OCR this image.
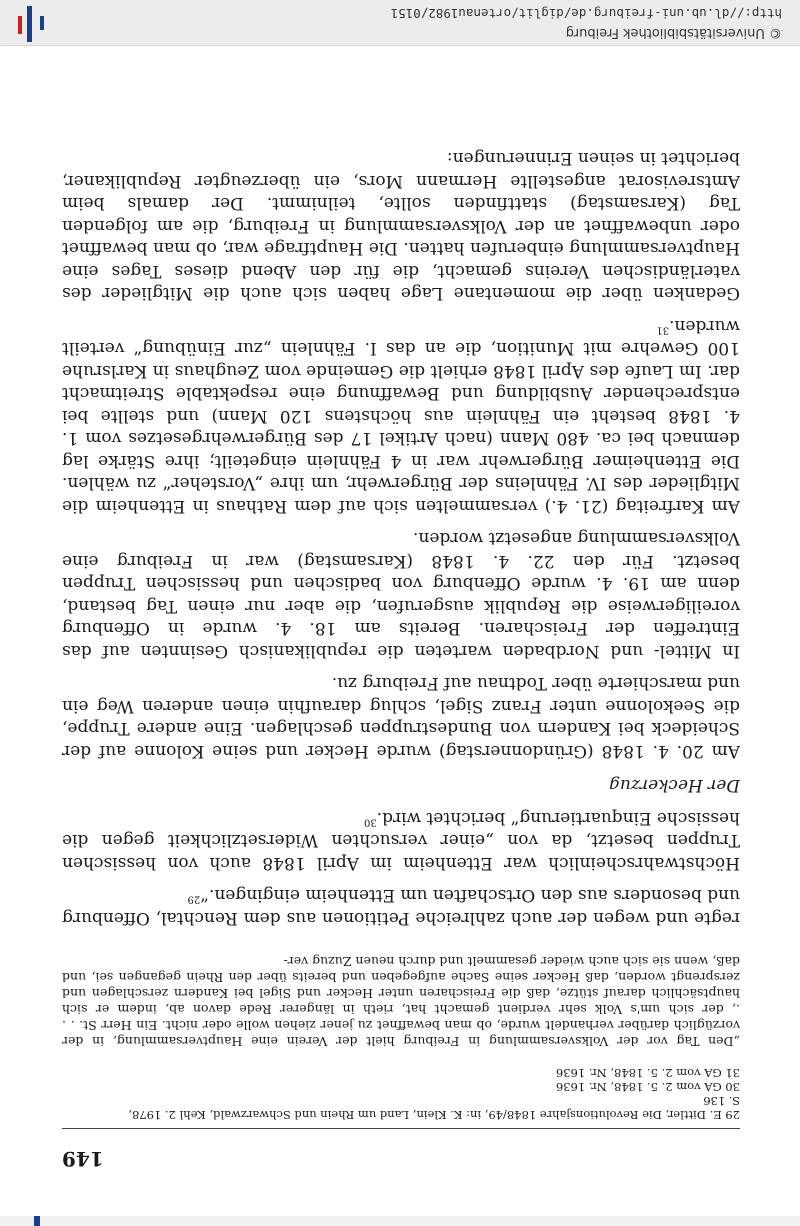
149

29 E. Dittler, Die Revolutionsjahre 1848/49, in: K. Klein, Land um Rhein und Schwarzwald, Kehl 2. 1978,

S. 136

30 GA vom 2. 5. 1848, Nr. 1636

31 GA vom 2. 5. 1848, Nr. 1636

„Den Tag vor der Volksversammlung in Freiburg hielt der Verein eine Hauptversammlung, in der vorzüglich darüber verhandelt wurde, ob man bewaffnet zu jener ziehen wolle oder nicht. Ein Herr St. . . ., der sich um's Volk sehr verdient gemacht hat, rieth in längerer Rede davon ab, indem er sich hauptsächlich darauf stütze, daß die Freischaren unter Hecker und Sigel bei Kandern zerschlagen und zersprengt worden, daß Hecker seine Sache aufgegeben und bereits über den Rhein gegangen sei, und daß, wenn sie sich auch wieder gesammelt und durch neuen Zuzug ver-

regte und wegen der auch zahlreiche Petitionen aus dem Renchtal, Offenburg und besonders aus den Ortschaften um Ettenheim einging​en.“$^{29}$

Höchstwahrscheinlich war Ettenheim im April 1848 auch von hessischen Truppen besetzt, da von „einer versuchten Widersetzlichkeit gegen die hessische Einquartierung“ berichtet wird.$^{30}$

Der Heckerzug

Am 20. 4. 1848 (Gründonnerstag) wurde Hecker und seine Kolonne auf der Scheideck bei Kandern von Bundestruppen geschlagen. Eine andere Truppe, die Seekolonne unter Franz Sigel, schlug daraufhin einen anderen Weg ein und marschierte über Todtnau auf Freiburg zu.

In Mittel- und Nordbaden warteten die republikanisch Gesinnten auf das Eintreffen der Freischaren. Bereits am 18. 4. wurde in Offenburg voreiligerweise die Republik ausgerufen, die aber nur einen Tag bestand, denn am 19. 4. wurde Offenburg von badischen und hessischen Truppen besetzt. Für den 22. 4. 1848 (Karsamstag) war in Freiburg eine Volksversammlung angesetzt worden.

Am Karfreitag (21. 4.) versammelten sich auf dem Rathaus in Ettenheim die Mitglieder des IV. Fähnleins der Bürgerwehr, um ihre „Vorsteher“ zu wählen. Die Ettenheimer Bürgerwehr war in 4 Fähnlein eingeteilt; ihre Stärke lag demnach bei ca. 480 Mann (nach Artikel 17 des Bürgerwehrgesetzes vom 1. 4. 1848 besteht ein Fähnlein aus höchstens 120 Mann) und stellte bei entsprechender Ausbildung und Bewaffnung eine respektable Streitmacht dar. Im Laufe des April 1848 erhielt die Gemeinde vom Zeughaus in Karlsruhe 100 Gewehre mit Munition, die an das I. Fähnlein „zur Einübung“ verteilt wurden.$^{31}$

Gedanken über die momentane Lage haben sich auch die Mitglieder des vaterländischen Vereins gemacht, die für den Abend dieses Tages eine Hauptversammlung einberufen hatten. Die Hauptfrage war, ob man bewaffnet oder unbewaffnet an der Volksversammlung in Freiburg, die am folgenden Tag (Karsamstag) stattfinden sollte, teilnimmt. Der damals beim Amtsrevisorat angestellte Hermann Mors, ein überzeugter Republikaner, berichtet in seinen Erinnerungen:

© Universitätsbibliothek Freiburg
http://dl.ub.uni-freiburg.de/diglit/ortenau1982/0151
